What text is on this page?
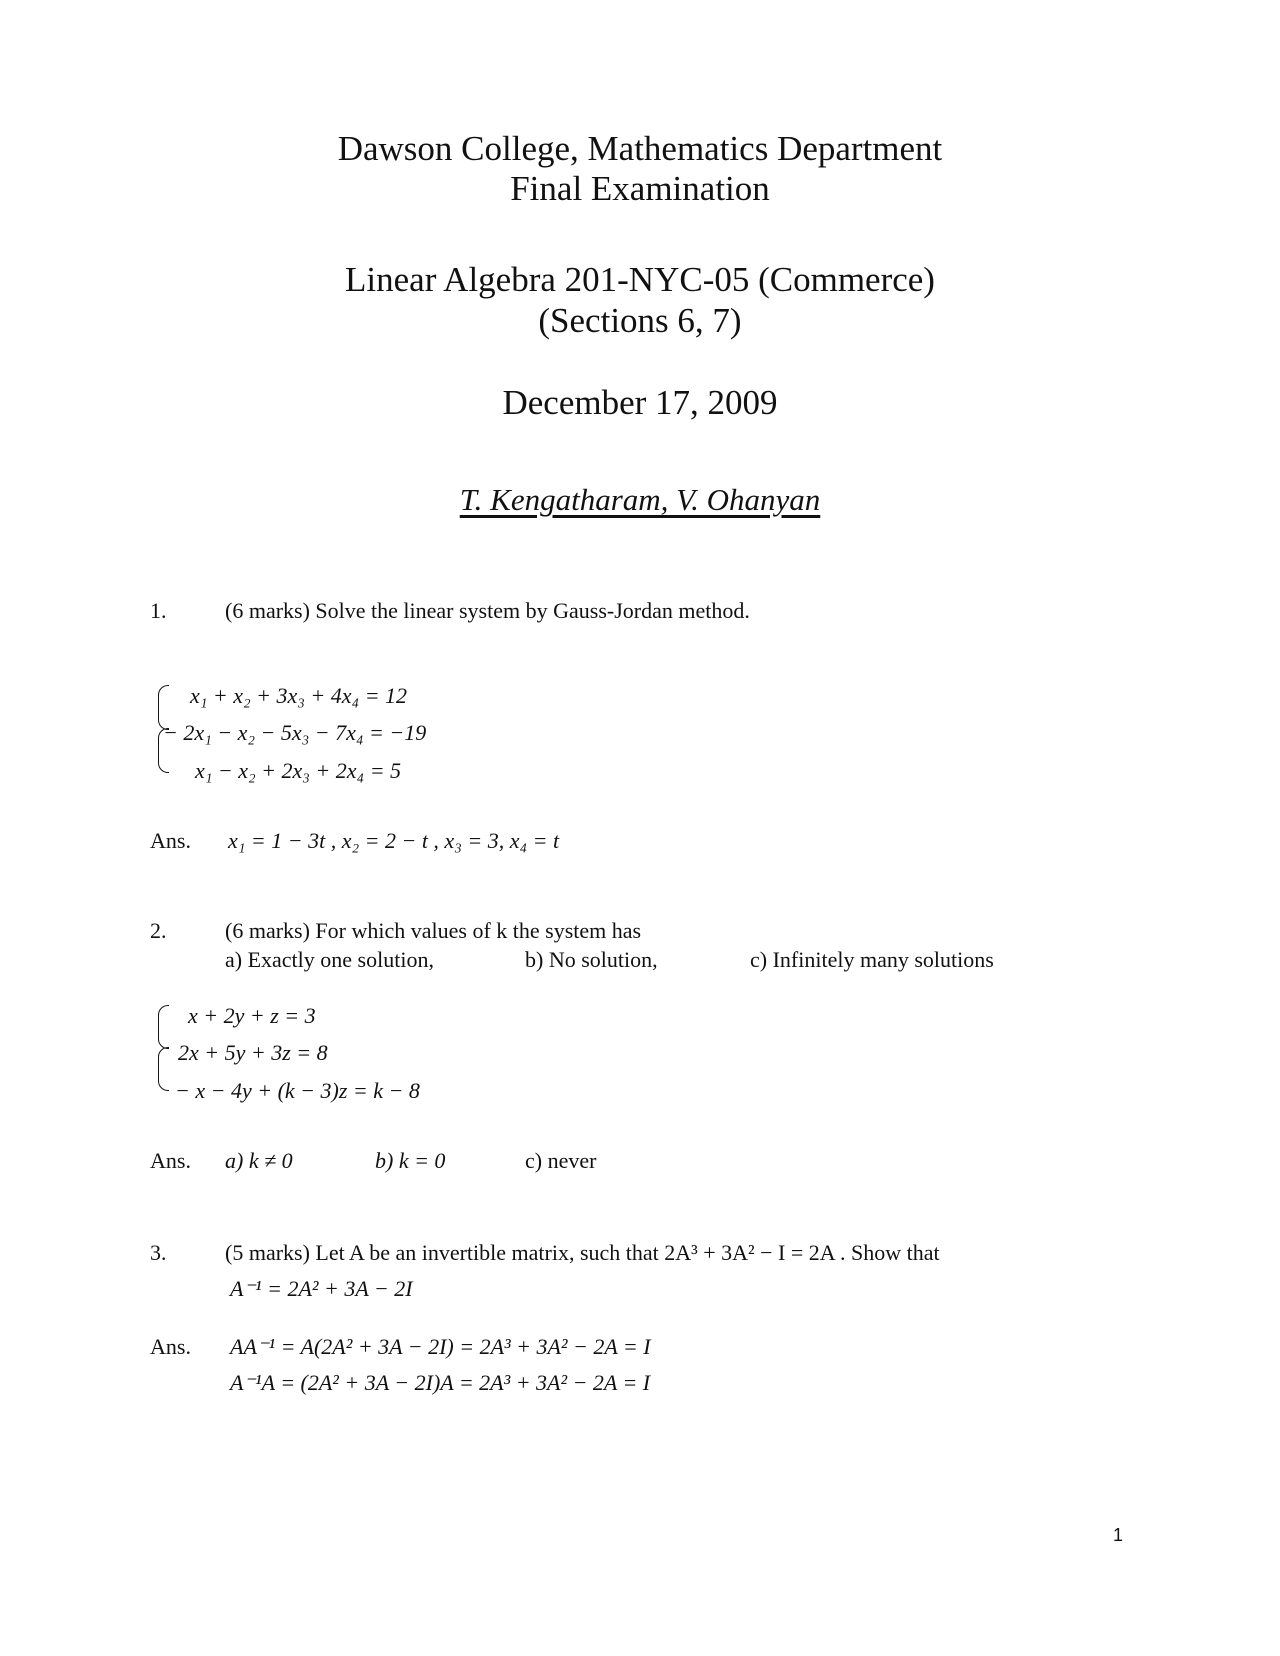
Dawson College, Mathematics Department
Final Examination
Linear Algebra 201-NYC-05 (Commerce)
(Sections 6, 7)
December 17, 2009
T. Kengatharam, V. Ohanyan
1.	(6 marks) Solve the linear system by Gauss-Jordan method.
x₁ + x₂ + 3x₃ + 4x₄ = 12
− 2x₁ − x₂ − 5x₃ − 7x₄ = −19
x₁ − x₂ + 2x₃ + 2x₄ = 5
Ans. x₁ = 1 − 3t , x₂ = 2 − t , x₃ = 3, x₄ = t
2.	(6 marks) For which values of k the system has
a) Exactly one solution,	b) No solution,	c) Infinitely many solutions
x + 2y + z = 3
2x + 5y + 3z = 8
− x − 4y + (k − 3)z = k − 8
Ans. a) k ≠ 0	b) k = 0	c) never
3.	(5 marks) Let A be an invertible matrix, such that 2A³ + 3A² − I = 2A . Show that
A⁻¹ = 2A² + 3A − 2I
Ans. AA⁻¹ = A(2A² + 3A − 2I) = 2A³ + 3A² − 2A = I
A⁻¹A = (2A² + 3A − 2I)A = 2A³ + 3A² − 2A = I
1
